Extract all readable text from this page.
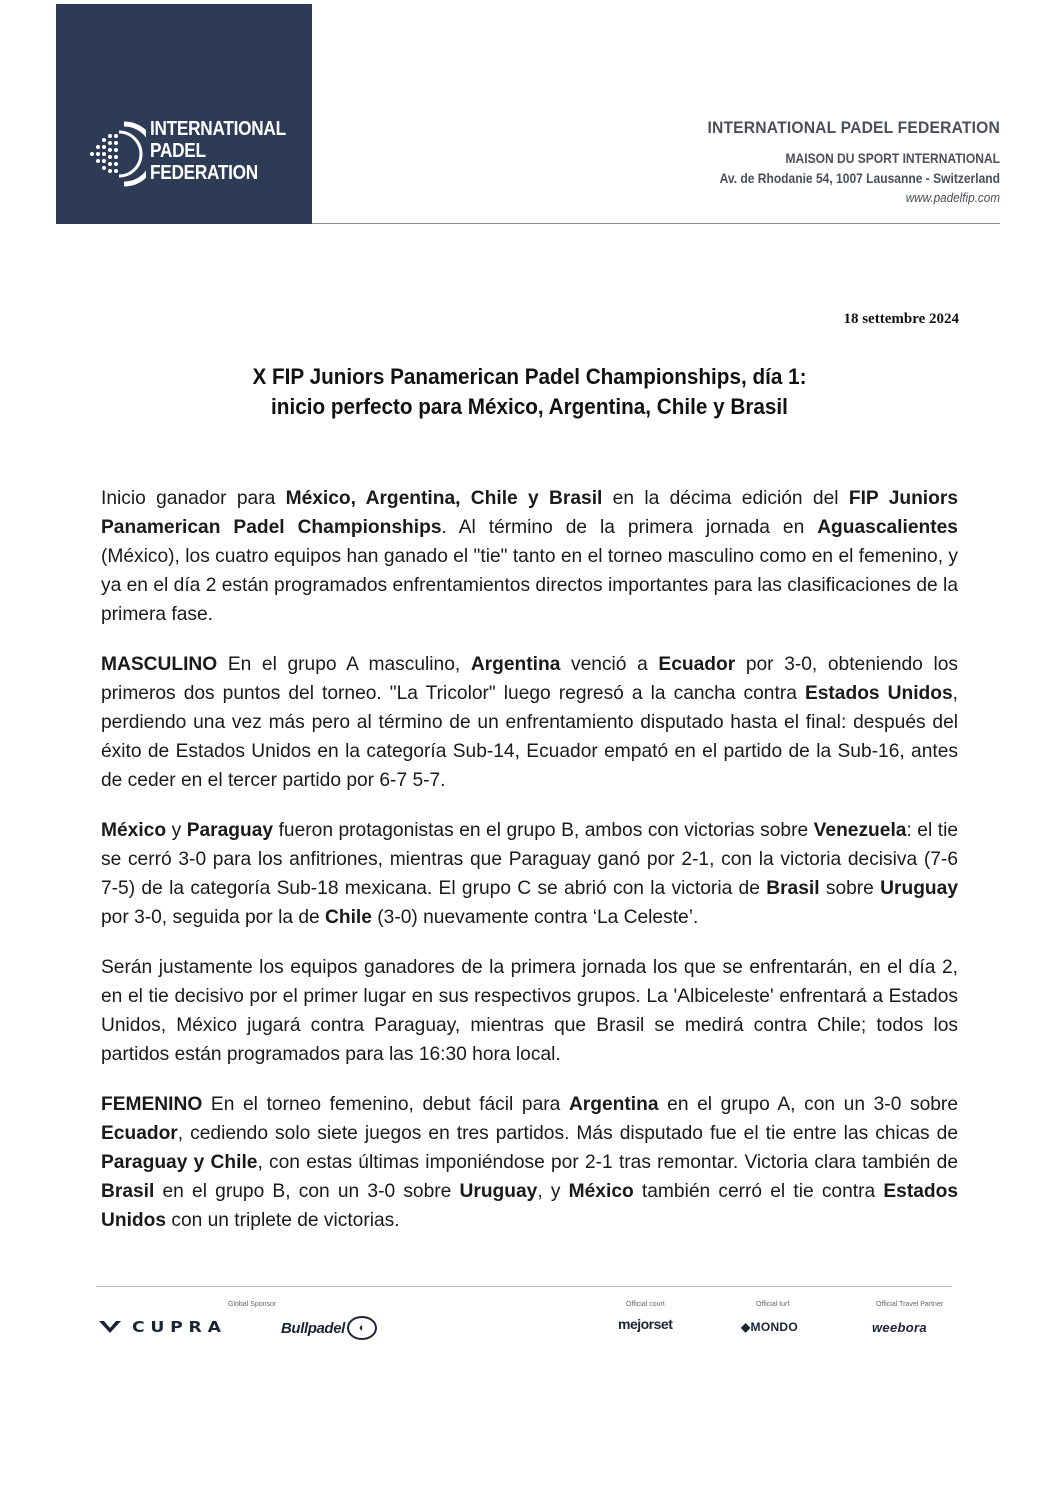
INTERNATIONAL
PADEL
FEDERATION
INTERNATIONAL PADEL FEDERATION
MAISON DU SPORT INTERNATIONAL
Av. de Rhodanie 54, 1007 Lausanne - Switzerland
www.padelfip.com
18 settembre 2024
X FIP Juniors Panamerican Padel Championships, día 1:
inicio perfecto para México, Argentina, Chile y Brasil

Inicio ganador para México, Argentina, Chile y Brasil en la décima edición del FIP Juniors Panamerican Padel Championships. Al término de la primera jornada en Aguascalientes (México), los cuatro equipos han ganado el "tie" tanto en el torneo masculino como en el femenino, y ya en el día 2 están programados enfrentamientos directos importantes para las clasificaciones de la primera fase.

MASCULINO En el grupo A masculino, Argentina venció a Ecuador por 3-0, obteniendo los primeros dos puntos del torneo. "La Tricolor" luego regresó a la cancha contra Estados Unidos, perdiendo una vez más pero al término de un enfrentamiento disputado hasta el final: después del éxito de Estados Unidos en la categoría Sub-14, Ecuador empató en el partido de la Sub-16, antes de ceder en el tercer partido por 6-7 5-7.

México y Paraguay fueron protagonistas en el grupo B, ambos con victorias sobre Venezuela: el tie se cerró 3-0 para los anfitriones, mientras que Paraguay ganó por 2-1, con la victoria decisiva (7-6 7-5) de la categoría Sub-18 mexicana. El grupo C se abrió con la victoria de Brasil sobre Uruguay por 3-0, seguida por la de Chile (3-0) nuevamente contra ‘La Celeste’.

Serán justamente los equipos ganadores de la primera jornada los que se enfrentarán, en el día 2, en el tie decisivo por el primer lugar en sus respectivos grupos. La 'Albiceleste' enfrentará a Estados Unidos, México jugará contra Paraguay, mientras que Brasil se medirá contra Chile; todos los partidos están programados para las 16:30 hora local.

FEMENINO En el torneo femenino, debut fácil para Argentina en el grupo A, con un 3-0 sobre Ecuador, cediendo solo siete juegos en tres partidos. Más disputado fue el tie entre las chicas de Paraguay y Chile, con estas últimas imponiéndose por 2-1 tras remontar. Victoria clara también de Brasil en el grupo B, con un 3-0 sobre Uruguay, y México también cerró el tie contra Estados Unidos con un triplete de victorias.

Global Sponsor	Official court	Official turf	Official Travel Partner
CUPRA	Bullpadel	◐	mejorset	◆MONDO	weebora
